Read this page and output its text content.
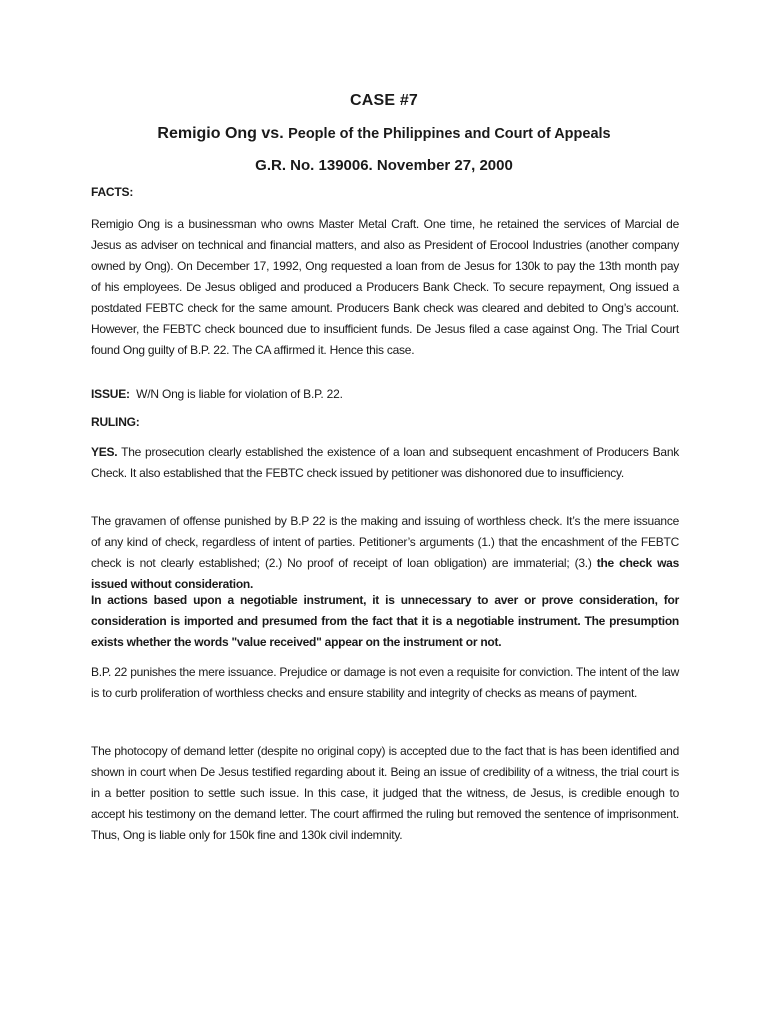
CASE #7
Remigio Ong vs. People of the Philippines and Court of Appeals
G.R. No. 139006. November 27, 2000
FACTS:
Remigio Ong is a businessman who owns Master Metal Craft. One time, he retained the services of Marcial de Jesus as adviser on technical and financial matters, and also as President of Erocool Industries (another company owned by Ong). On December 17, 1992, Ong requested a loan from de Jesus for 130k to pay the 13th month pay of his employees. De Jesus obliged and produced a Producers Bank Check. To secure repayment, Ong issued a postdated FEBTC check for the same amount. Producers Bank check was cleared and debited to Ong’s account. However, the FEBTC check bounced due to insufficient funds. De Jesus filed a case against Ong. The Trial Court found Ong guilty of B.P. 22. The CA affirmed it. Hence this case.
ISSUE: W/N Ong is liable for violation of B.P. 22.
RULING:
YES. The prosecution clearly established the existence of a loan and subsequent encashment of Producers Bank Check. It also established that the FEBTC check issued by petitioner was dishonored due to insufficiency.
The gravamen of offense punished by B.P 22 is the making and issuing of worthless check. It’s the mere issuance of any kind of check, regardless of intent of parties. Petitioner’s arguments (1.) that the encashment of the FEBTC check is not clearly established; (2.) No proof of receipt of loan obligation) are immaterial; (3.) the check was issued without consideration.
In actions based upon a negotiable instrument, it is unnecessary to aver or prove consideration, for consideration is imported and presumed from the fact that it is a negotiable instrument. The presumption exists whether the words "value received" appear on the instrument or not.
B.P. 22 punishes the mere issuance. Prejudice or damage is not even a requisite for conviction. The intent of the law is to curb proliferation of worthless checks and ensure stability and integrity of checks as means of payment.
The photocopy of demand letter (despite no original copy) is accepted due to the fact that is has been identified and shown in court when De Jesus testified regarding about it. Being an issue of credibility of a witness, the trial court is in a better position to settle such issue. In this case, it judged that the witness, de Jesus, is credible enough to accept his testimony on the demand letter. The court affirmed the ruling but removed the sentence of imprisonment. Thus, Ong is liable only for 150k fine and 130k civil indemnity.
